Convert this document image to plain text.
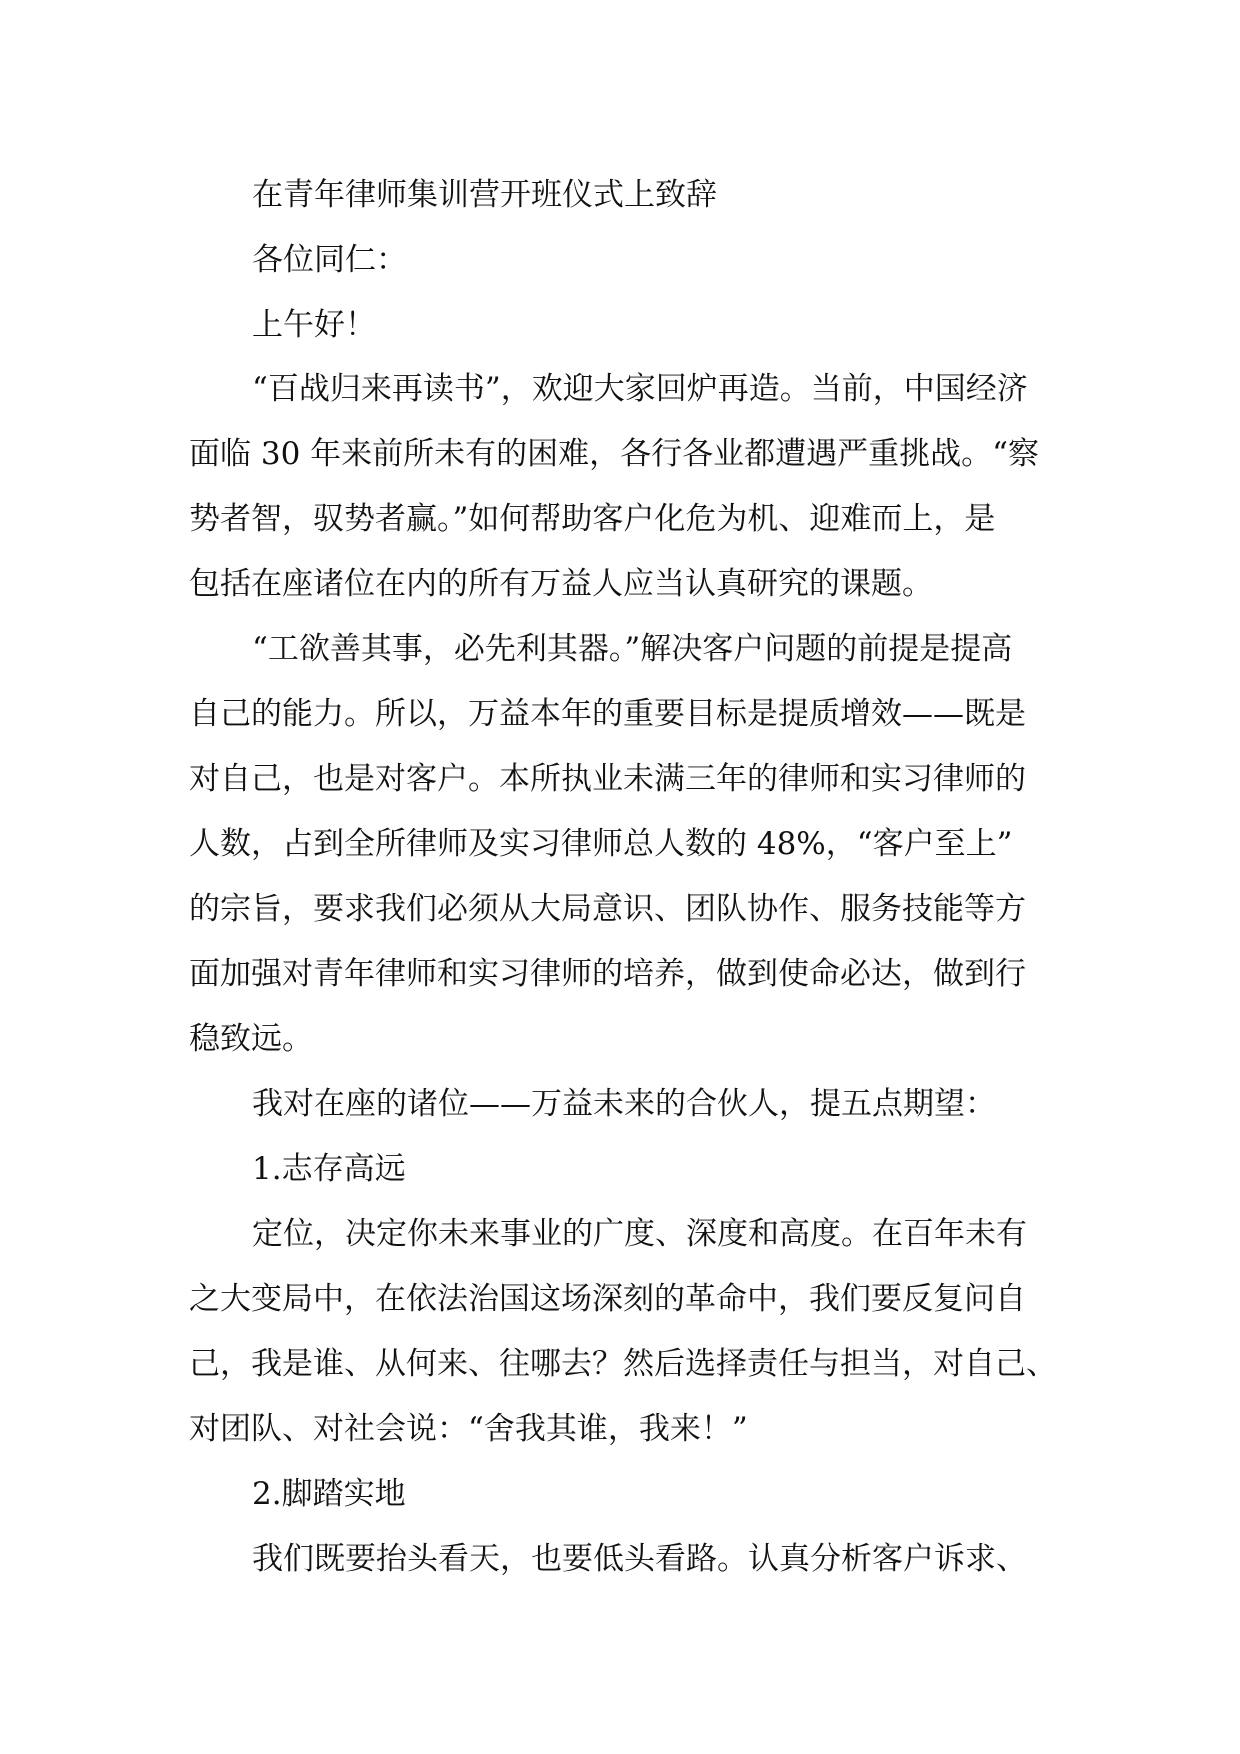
在青年律师集训营开班仪式上致辞
各位同仁：
上午好！
“百战归来再读书”，欢迎大家回炉再造。当前，中国经济
面临 30 年来前所未有的困难，各行各业都遭遇严重挑战。“察
势者智，驭势者赢。”如何帮助客户化危为机、迎难而上，是
包括在座诸位在内的所有万益人应当认真研究的课题。
“工欲善其事，必先利其器。”解决客户问题的前提是提高
自己的能力。所以，万益本年的重要目标是提质增效——既是
对自己，也是对客户。本所执业未满三年的律师和实习律师的
人数，占到全所律师及实习律师总人数的 48%，“客户至上”
的宗旨，要求我们必须从大局意识、团队协作、服务技能等方
面加强对青年律师和实习律师的培养，做到使命必达，做到行
稳致远。
我对在座的诸位——万益未来的合伙人，提五点期望：
1.志存高远
定位，决定你未来事业的广度、深度和高度。在百年未有
之大变局中，在依法治国这场深刻的革命中，我们要反复问自
己，我是谁、从何来、往哪去？然后选择责任与担当，对自己、
对团队、对社会说：“舍我其谁，我来！”
2.脚踏实地
我们既要抬头看天，也要低头看路。认真分析客户诉求、
